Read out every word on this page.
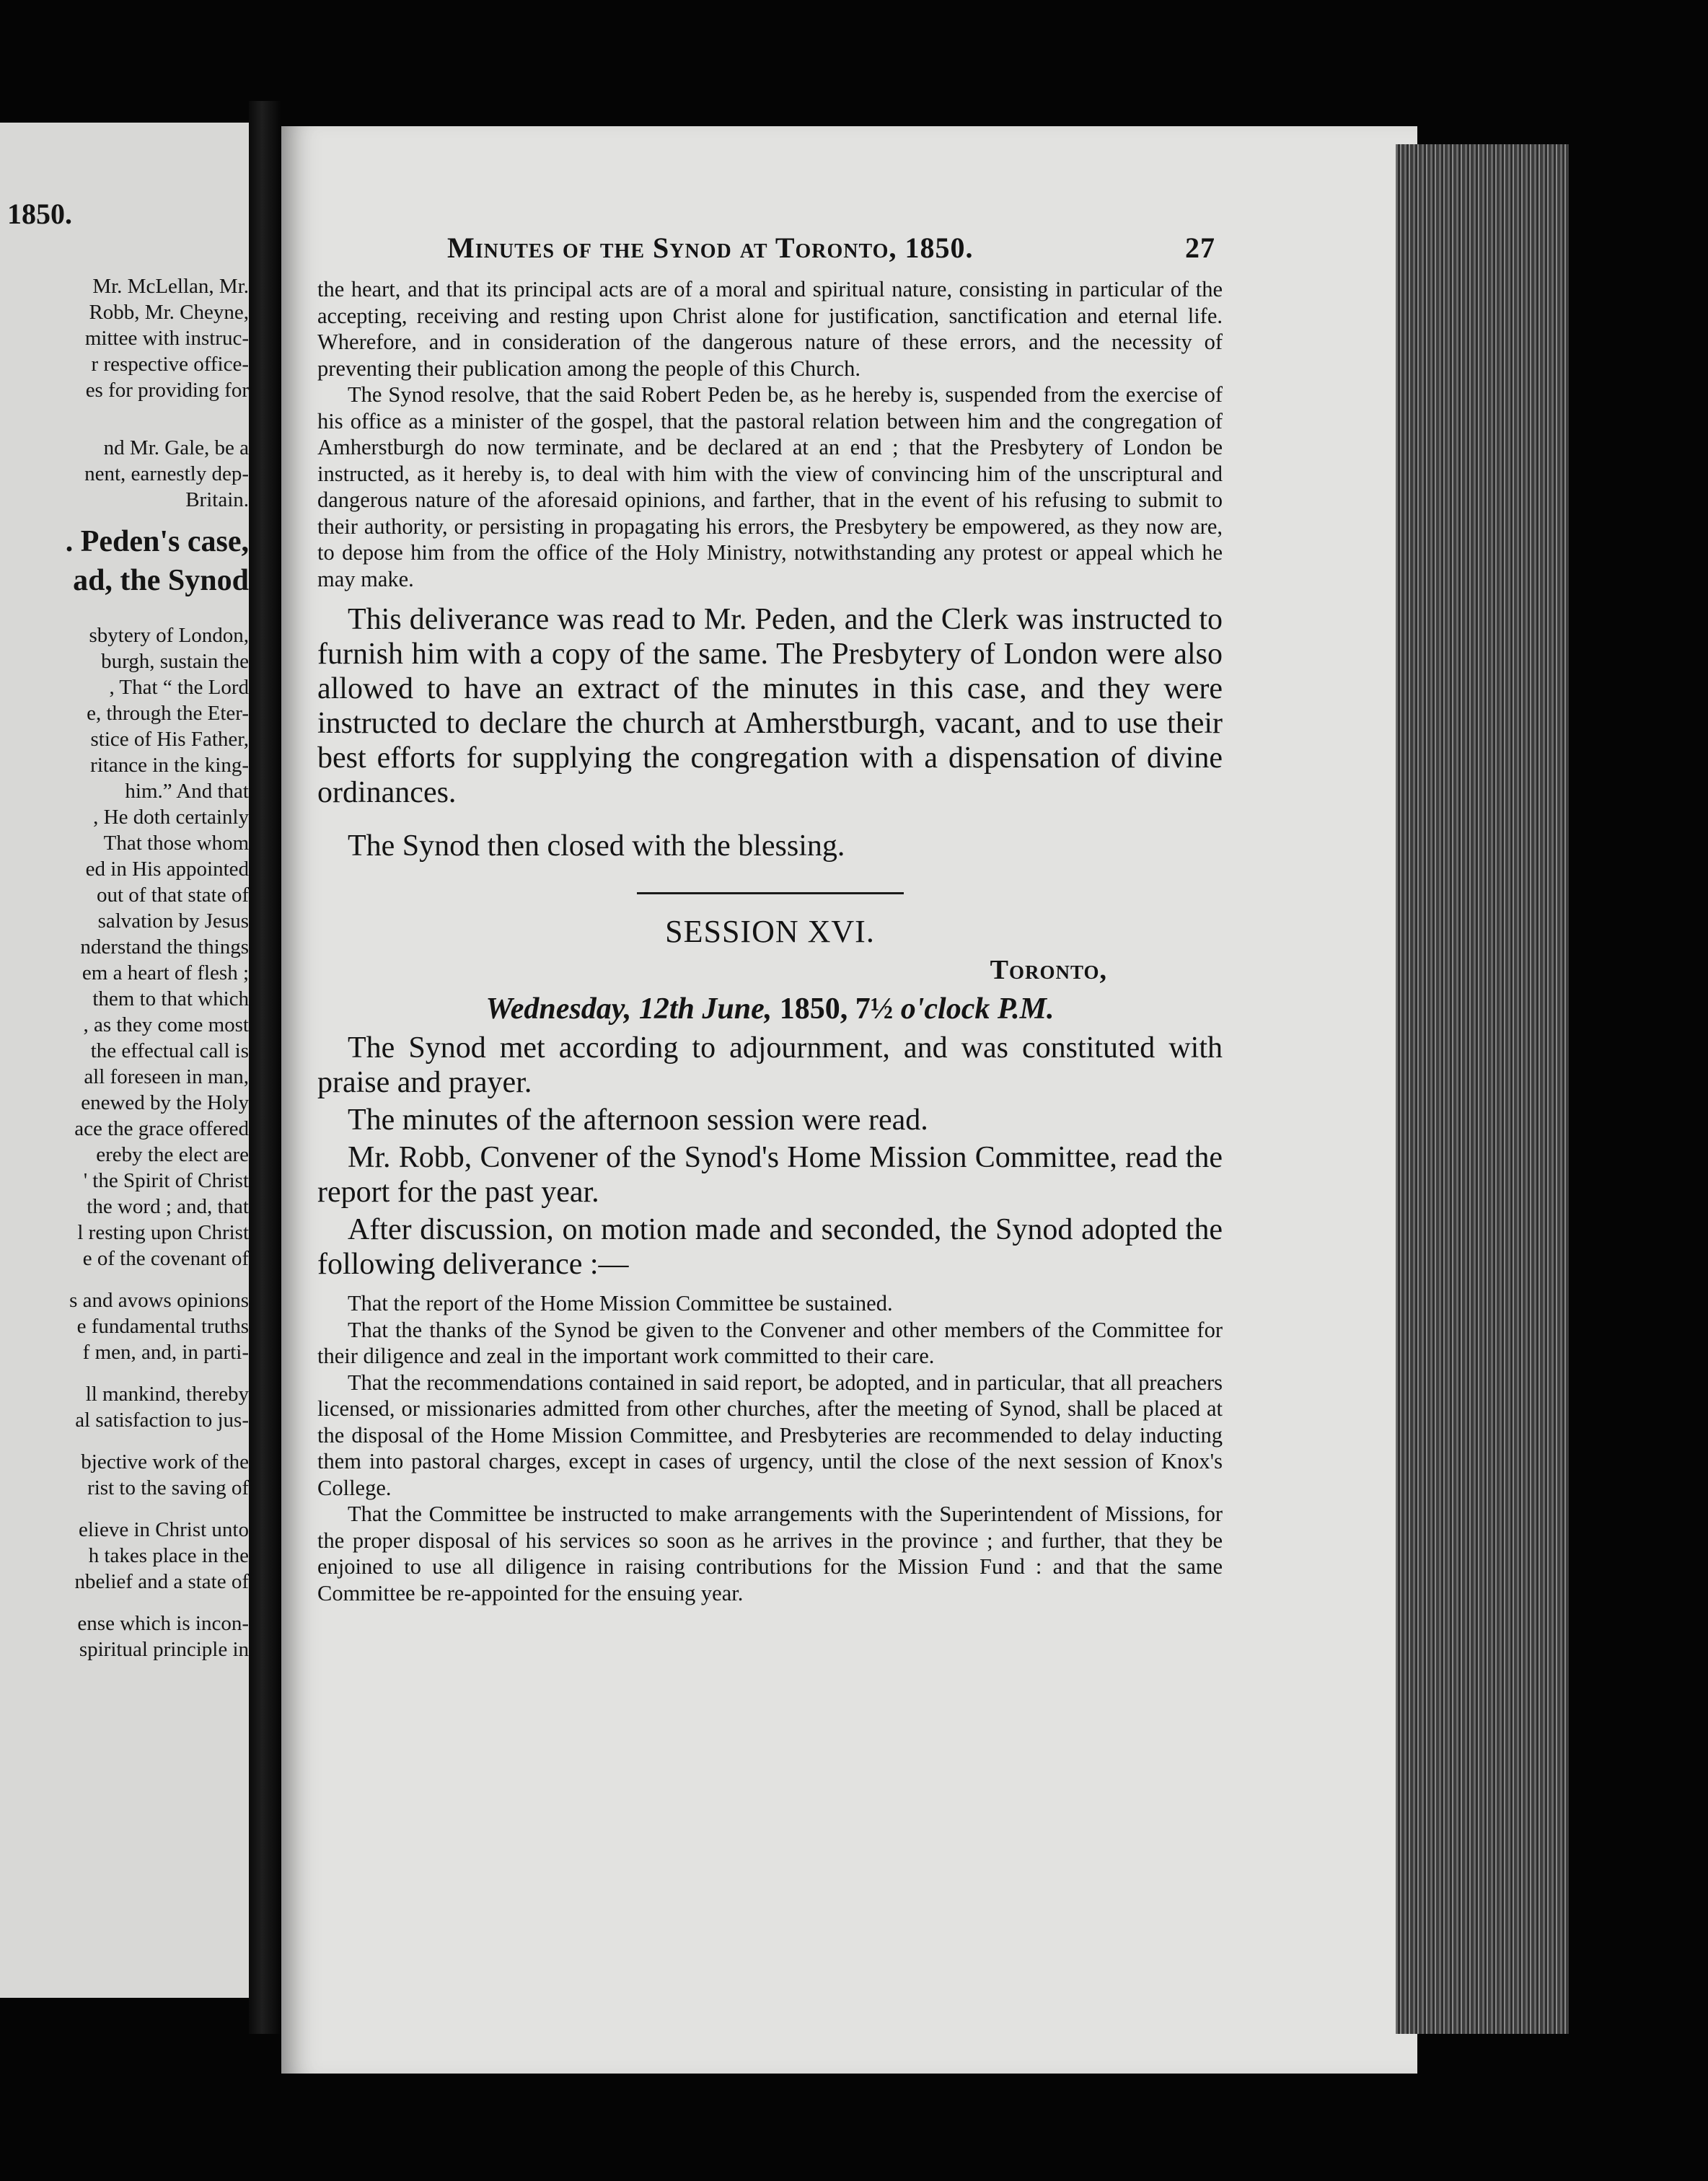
1850.
Mr. McLellan, Mr.
Robb, Mr. Cheyne,
mittee with instruc-
r respective office-
es for providing for
nd Mr. Gale, be a
nent, earnestly dep-
Britain.
. Peden's case,
ad, the Synod
sbytery of London,
burgh, sustain the
, That “ the Lord
e, through the Eter-
stice of His Father,
ritance in the king-
him.” And that
, He doth certainly
That those whom
ed in His appointed
out of that state of
salvation by Jesus
nderstand the things
em a heart of flesh ;
them to that which
, as they come most
the effectual call is
all foreseen in man,
enewed by the Holy
ace the grace offered
ereby the elect are
' the Spirit of Christ
the word ; and, that
l resting upon Christ
e of the covenant of
s and avows opinions
e fundamental truths
f men, and, in parti-
ll mankind, thereby
al satisfaction to jus-
bjective work of the
rist to the saving of
elieve in Christ unto
h takes place in the
nbelief and a state of
ense which is incon-
spiritual principle in
Minutes of the Synod at Toronto, 1850.	27

the heart, and that its principal acts are of a moral and spiritual nature, consisting in particular of the accepting, receiving and resting upon Christ alone for justification, sanctification and eternal life. Wherefore, and in consideration of the dangerous nature of these errors, and the necessity of preventing their publication among the people of this Church.

The Synod resolve, that the said Robert Peden be, as he hereby is, suspended from the exercise of his office as a minister of the gospel, that the pastoral relation between him and the congregation of Amherstburgh do now terminate, and be declared at an end ; that the Presbytery of London be instructed, as it hereby is, to deal with him with the view of convincing him of the unscriptural and dangerous nature of the aforesaid opinions, and farther, that in the event of his refusing to submit to their authority, or persisting in propagating his errors, the Presbytery be empowered, as they now are, to depose him from the office of the Holy Ministry, notwithstanding any protest or appeal which he may make.

This deliverance was read to Mr. Peden, and the Clerk was instructed to furnish him with a copy of the same. The Presbytery of London were also allowed to have an extract of the minutes in this case, and they were instructed to declare the church at Amherstburgh, vacant, and to use their best efforts for supplying the congregation with a dispensation of divine ordinances.

The Synod then closed with the blessing.

SESSION XVI.
Toronto,
Wednesday, 12th June, 1850, 7½ o'clock P.M.

The Synod met according to adjournment, and was constituted with praise and prayer.

The minutes of the afternoon session were read.

Mr. Robb, Convener of the Synod's Home Mission Committee, read the report for the past year.

After discussion, on motion made and seconded, the Synod adopted the following deliverance :—

That the report of the Home Mission Committee be sustained.

That the thanks of the Synod be given to the Convener and other members of the Committee for their diligence and zeal in the important work committed to their care.

That the recommendations contained in said report, be adopted, and in particular, that all preachers licensed, or missionaries admitted from other churches, after the meeting of Synod, shall be placed at the disposal of the Home Mission Committee, and Presbyteries are recommended to delay inducting them into pastoral charges, except in cases of urgency, until the close of the next session of Knox's College.

That the Committee be instructed to make arrangements with the Superintendent of Missions, for the proper disposal of his services so soon as he arrives in the province ; and further, that they be enjoined to use all diligence in raising contributions for the Mission Fund : and that the same Committee be re-appointed for the ensuing year.
